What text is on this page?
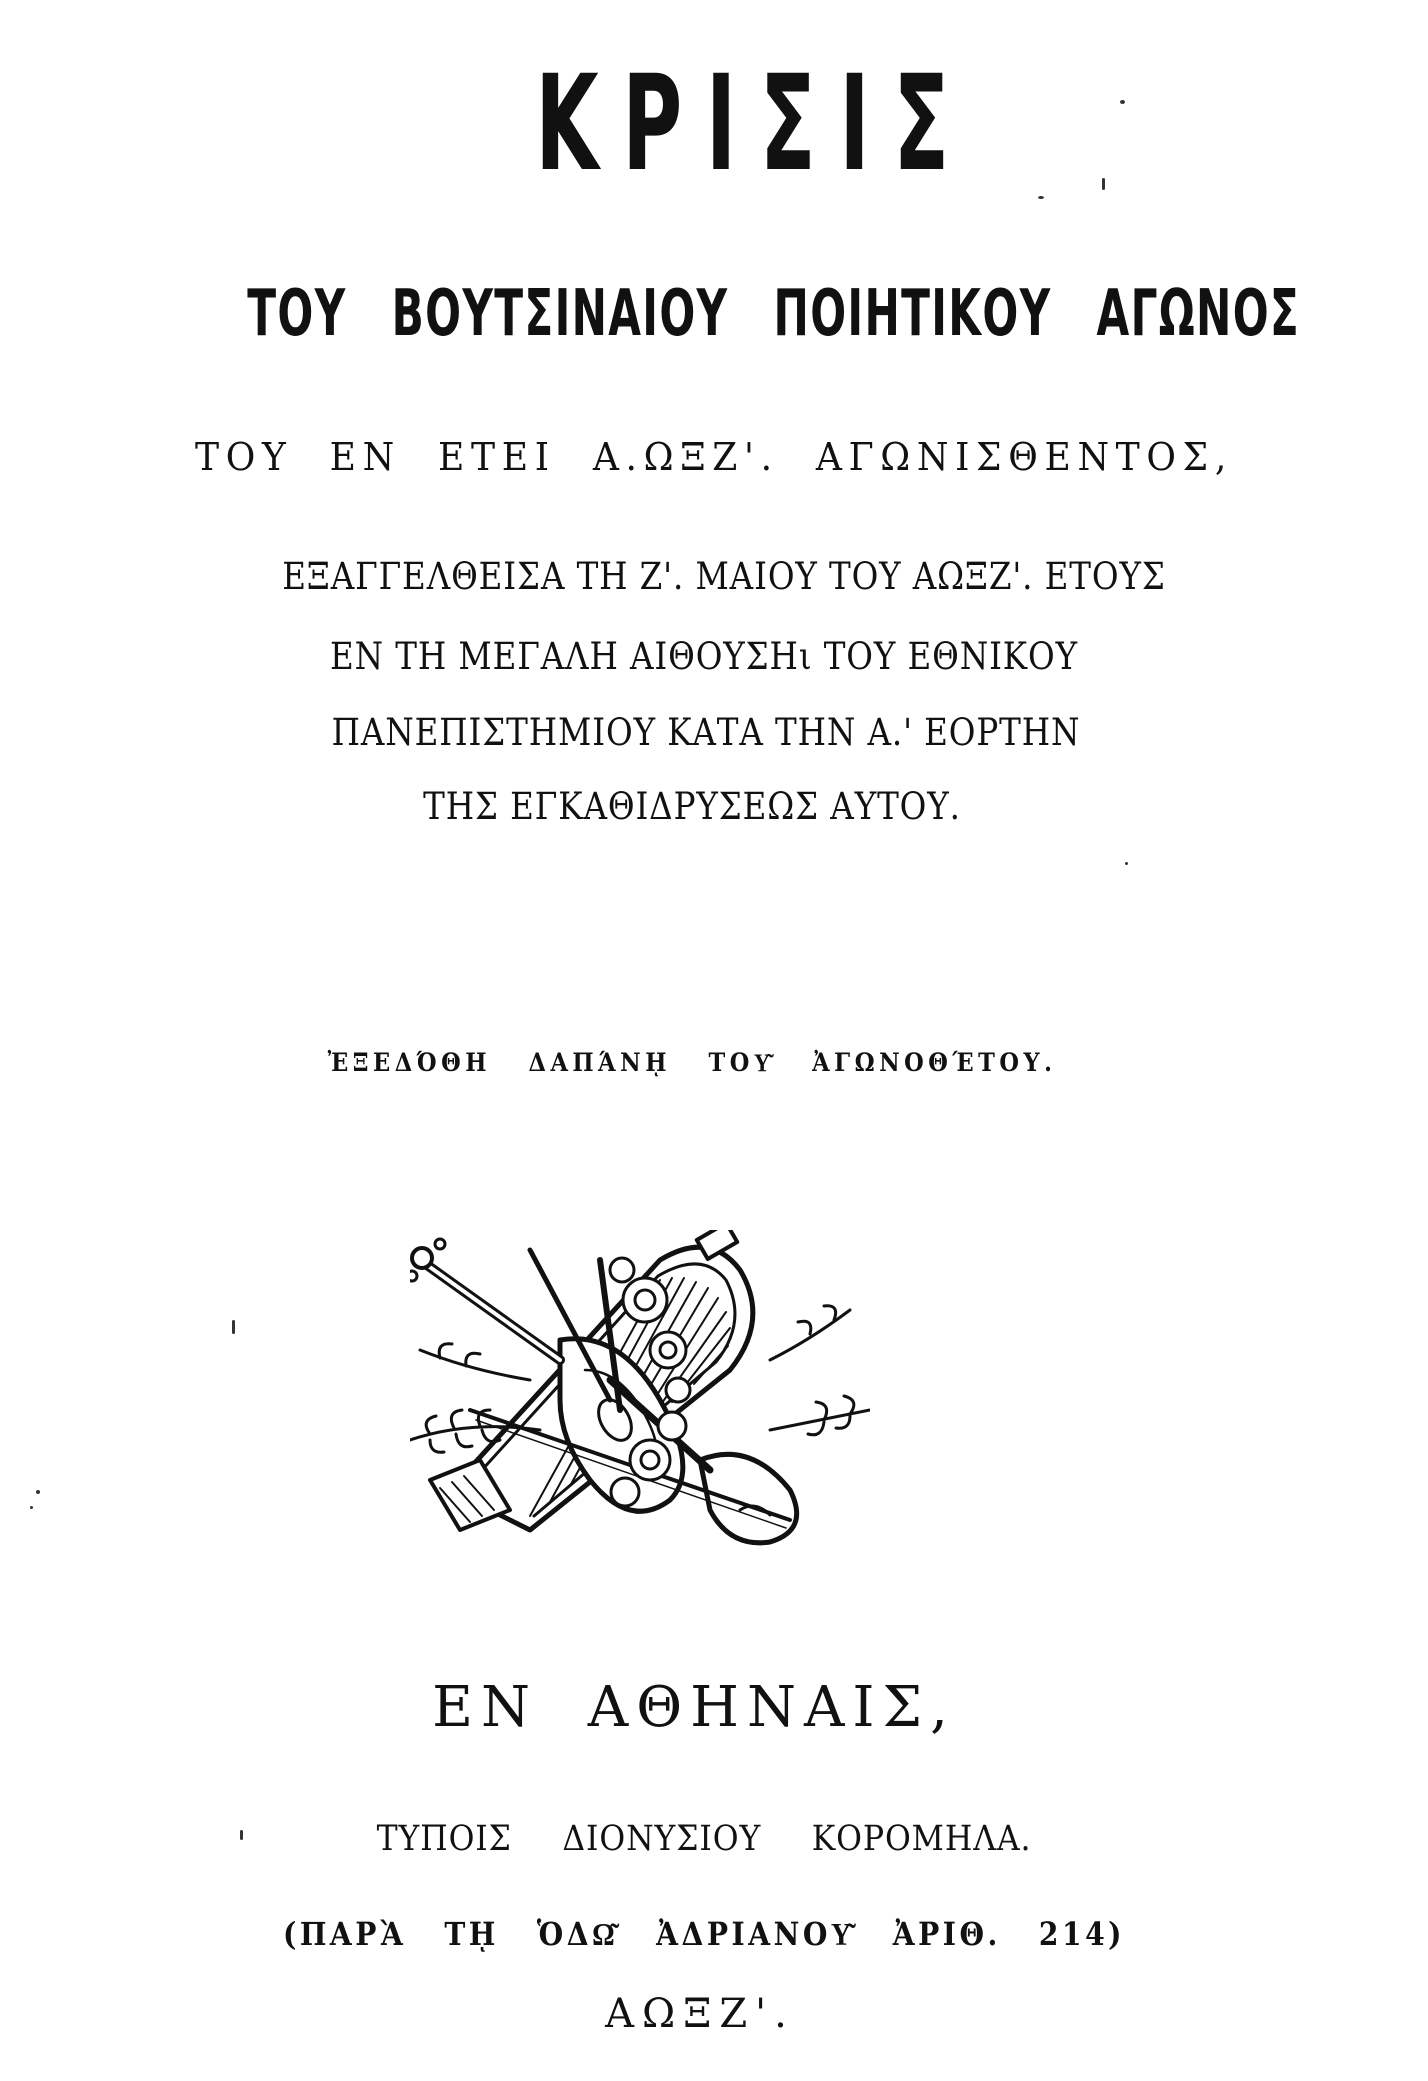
ΚΡΙΣΙΣ
ΤΟΥ ΒΟΥΤΣΙΝΑΙΟΥ ΠΟΙΗΤΙΚΟΥ ΑΓΩΝΟΣ
ΤΟΥ ΕΝ ΕΤΕΙ Α.ΩΞΖ'. ΑΓΩΝΙΣΘΕΝΤΟΣ,
ΕΞΑΓΓΕΛΘΕΙΣΑ ΤΗ Ζ'. ΜΑΙΟΥ ΤΟΥ ΑΩΞΖ'. ΕΤΟΥΣ
ΕΝ ΤΗ ΜΕΓΑΛΗ ΑΙΘΟΥΣΗι ΤΟΥ ΕΘΝΙΚΟΥ
ΠΑΝΕΠΙΣΤΗΜΙΟΥ ΚΑΤΑ ΤΗΝ Α.' ΕΟΡΤΗΝ
ΤΗΣ ΕΓΚΑΘΙΔΡΥΣΕΩΣ ΑΥΤΟΥ.
ἘΞΕΔΌΘΗ ΔΑΠΆΝῌ ΤΟΥ͂ ἈΓΩΝΟΘΈΤΟΥ.
ΕΝ ΑΘΗΝΑΙΣ,
ΤΥΠΟΙΣ ΔΙΟΝΥΣΙΟΥ ΚΟΡΟΜΗΛΑ.
(ΠΑΡᾺ Τῌ ὉΔΩ͂ ἈΔΡΙΑΝΟΥ͂ ἈΡΙΘ. 214)
ΑΩΞΖ'.
